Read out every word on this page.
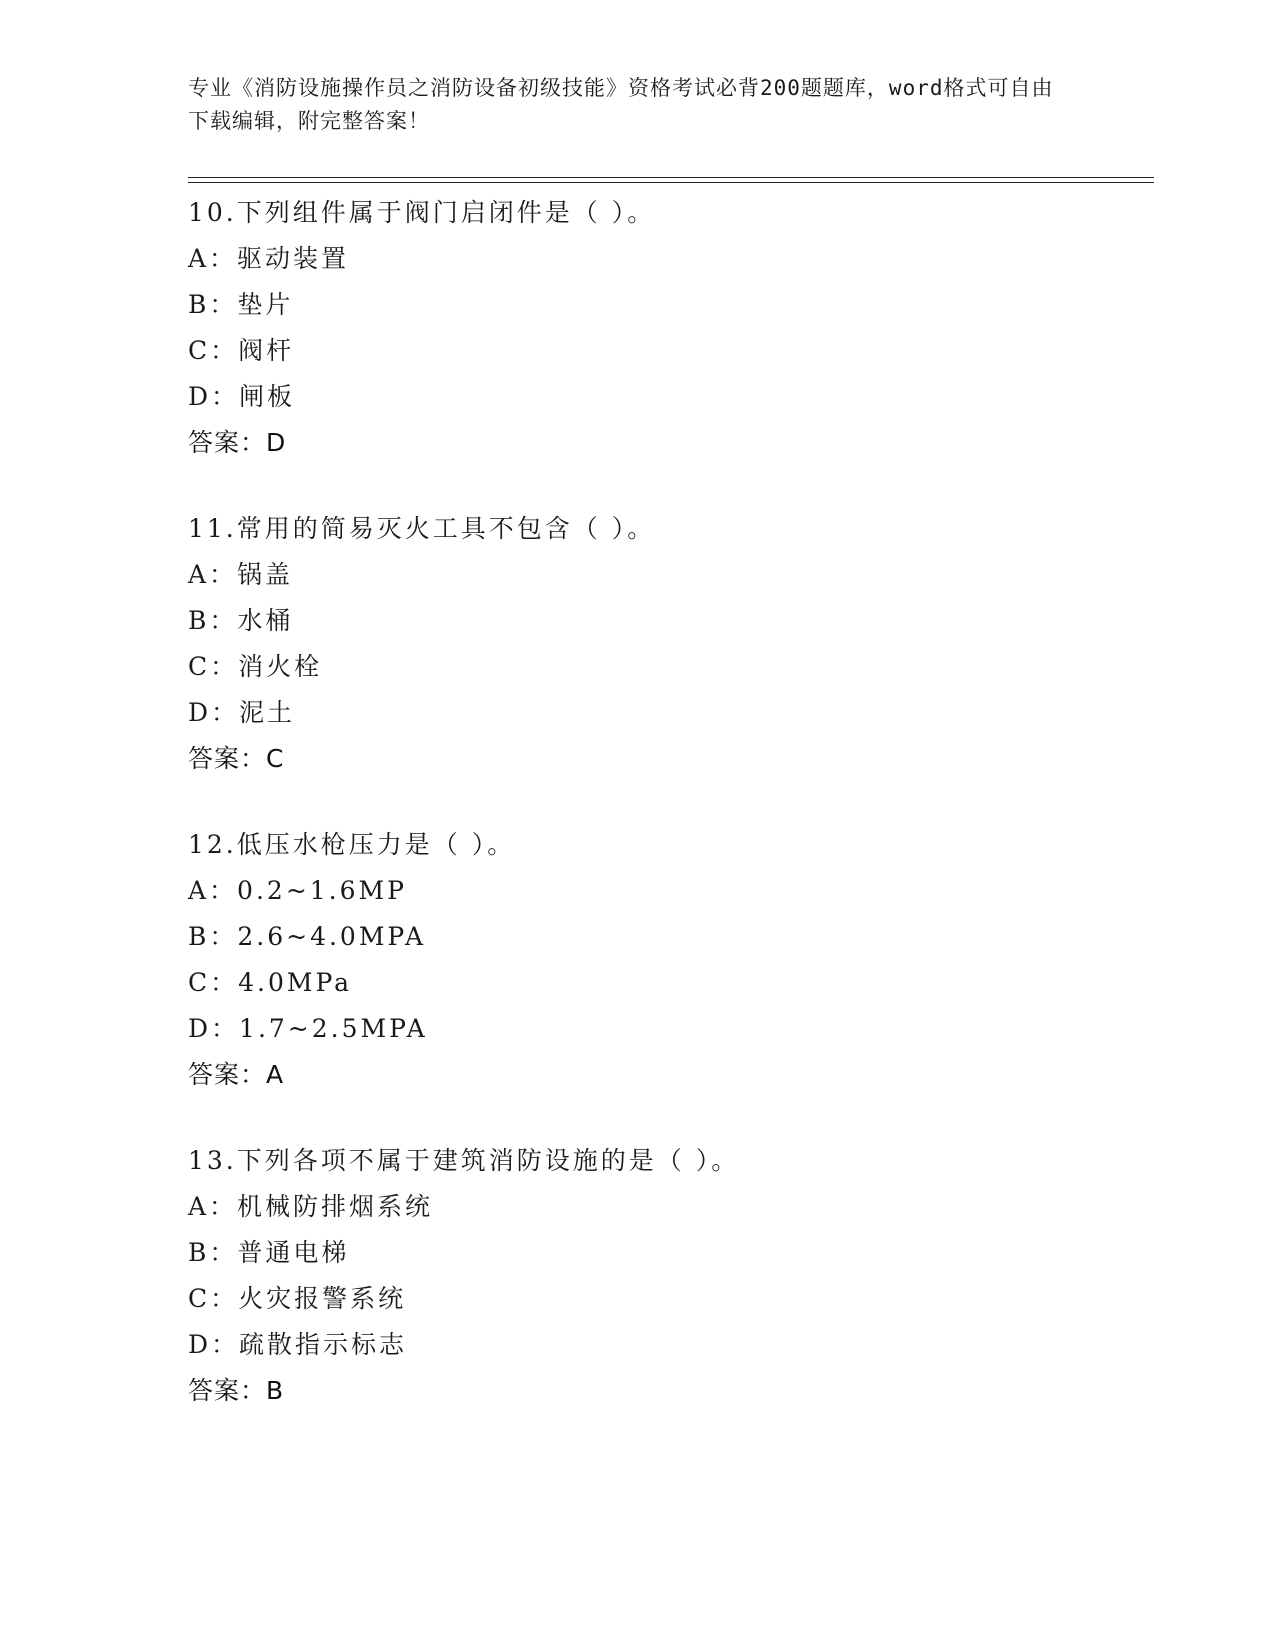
专业《消防设施操作员之消防设备初级技能》资格考试必背200题题库，word格式可自由下载编辑，附完整答案！
10.下列组件属于阀门启闭件是（ ）。
A：驱动装置
B：垫片
C：阀杆
D：闸板
答案：D
11.常用的简易灭火工具不包含（ ）。
A：锅盖
B：水桶
C：消火栓
D：泥土
答案：C
12.低压水枪压力是（ ）。
A：0.2~1.6MP
B：2.6~4.0MPA
C：4.0MPa
D：1.7~2.5MPA
答案：A
13.下列各项不属于建筑消防设施的是（ ）。
A：机械防排烟系统
B：普通电梯
C：火灾报警系统
D：疏散指示标志
答案：B
